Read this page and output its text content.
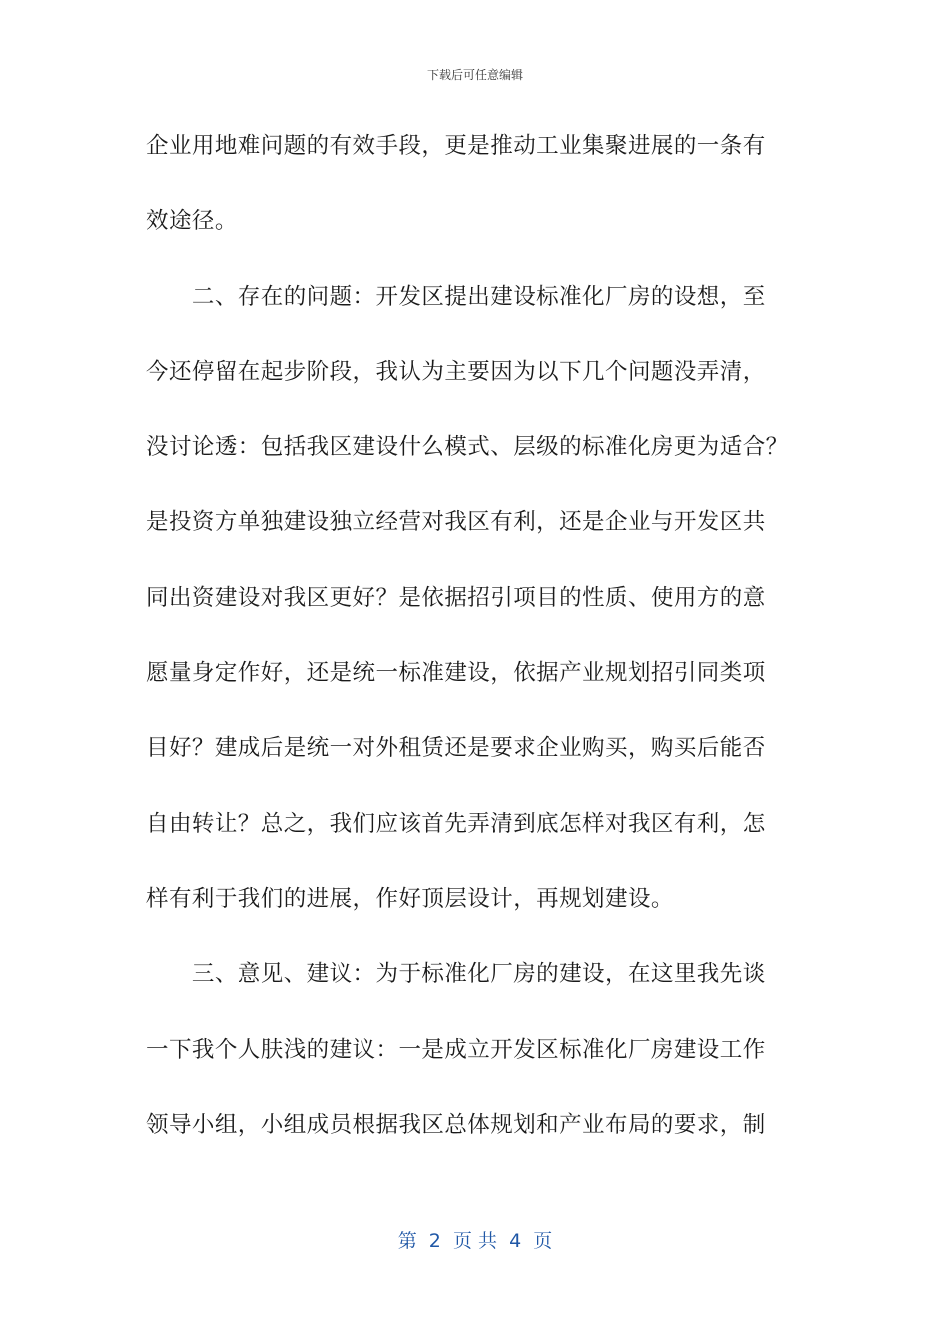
下载后可任意编辑
企业用地难问题的有效手段，更是推动工业集聚进展的一条有
效途径。
　　二、存在的问题：开发区提出建设标准化厂房的设想，至
今还停留在起步阶段，我认为主要因为以下几个问题没弄清，
没讨论透：包括我区建设什么模式、层级的标准化房更为适合？
是投资方单独建设独立经营对我区有利，还是企业与开发区共
同出资建设对我区更好？是依据招引项目的性质、使用方的意
愿量身定作好，还是统一标准建设，依据产业规划招引同类项
目好？建成后是统一对外租赁还是要求企业购买，购买后能否
自由转让？总之，我们应该首先弄清到底怎样对我区有利，怎
样有利于我们的进展，作好顶层设计，再规划建设。
　　三、意见、建议：为于标准化厂房的建设，在这里我先谈
一下我个人肤浅的建议：一是成立开发区标准化厂房建设工作
领导小组，小组成员根据我区总体规划和产业布局的要求，制
第  2  页 共  4  页
